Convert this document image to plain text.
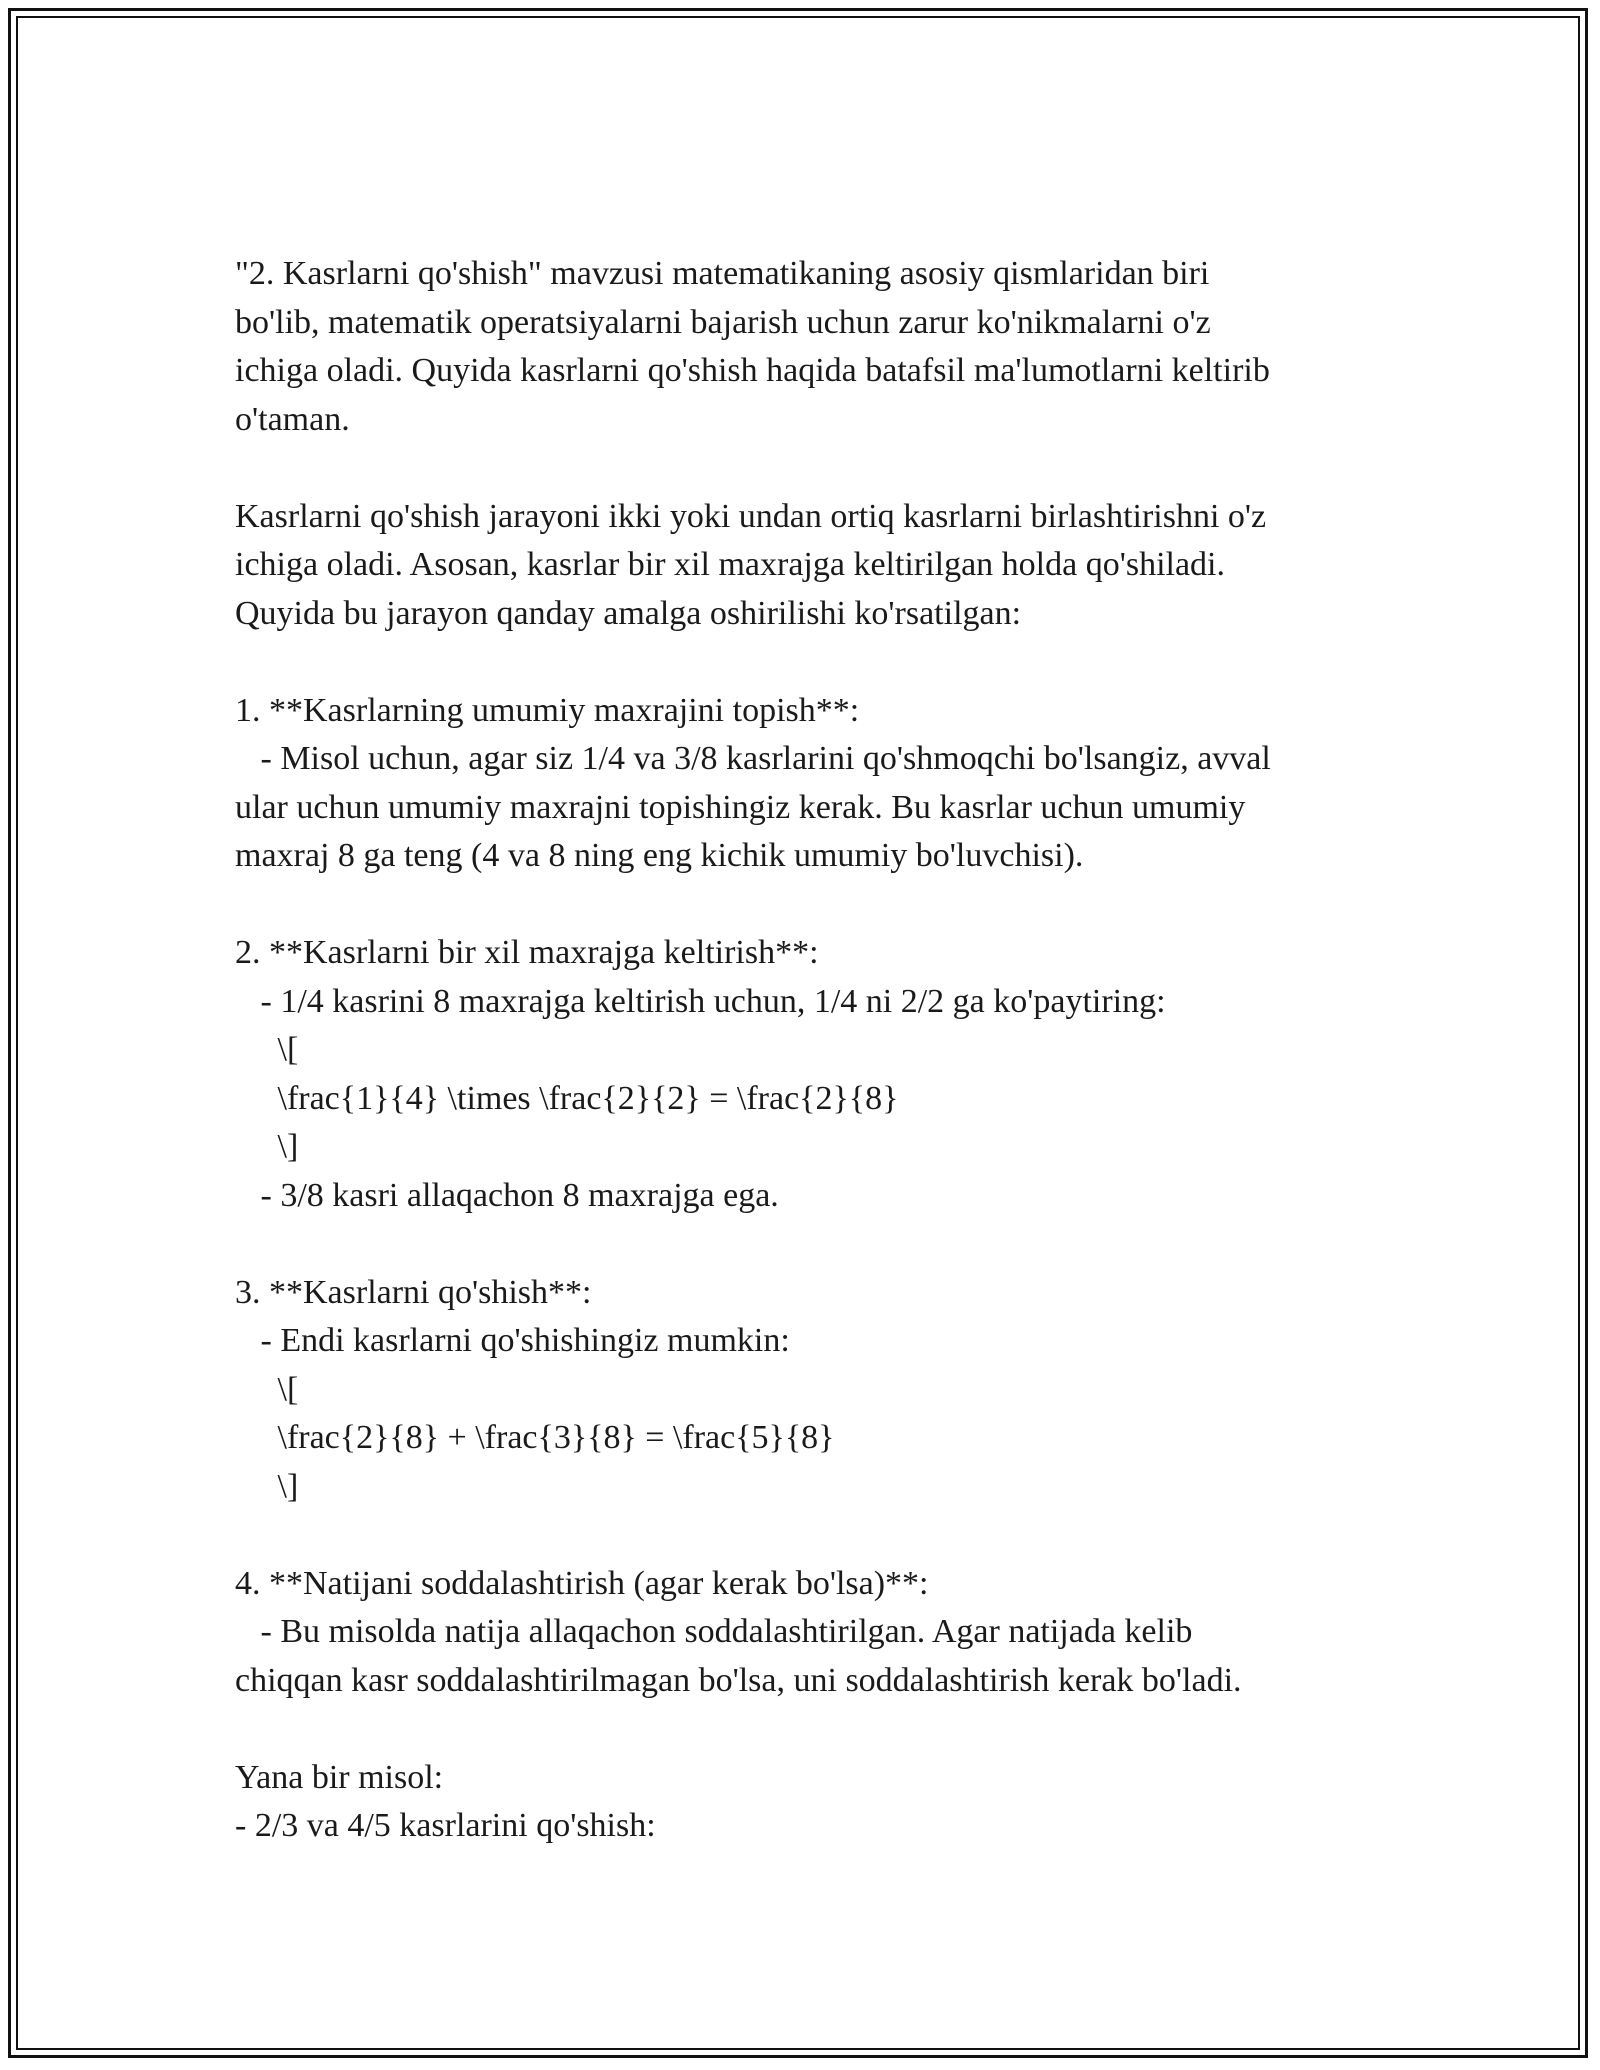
"2. Kasrlarni qo'shish" mavzusi matematikaning asosiy qismlaridan biri

bo'lib, matematik operatsiyalarni bajarish uchun zarur ko'nikmalarni o'z

ichiga oladi. Quyida kasrlarni qo'shish haqida batafsil ma'lumotlarni keltirib

o'taman.

Kasrlarni qo'shish jarayoni ikki yoki undan ortiq kasrlarni birlashtirishni o'z

ichiga oladi. Asosan, kasrlar bir xil maxrajga keltirilgan holda qo'shiladi.

Quyida bu jarayon qanday amalga oshirilishi ko'rsatilgan:

1. **Kasrlarning umumiy maxrajini topish**:

- Misol uchun, agar siz 1/4 va 3/8 kasrlarini qo'shmoqchi bo'lsangiz, avval

ular uchun umumiy maxrajni topishingiz kerak. Bu kasrlar uchun umumiy

maxraj 8 ga teng (4 va 8 ning eng kichik umumiy bo'luvchisi).

2. **Kasrlarni bir xil maxrajga keltirish**:

- 1/4 kasrini 8 maxrajga keltirish uchun, 1/4 ni 2/2 ga ko'paytiring:

\[

\frac{1}{4} \times \frac{2}{2} = \frac{2}{8}

\]

- 3/8 kasri allaqachon 8 maxrajga ega.

3. **Kasrlarni qo'shish**:

- Endi kasrlarni qo'shishingiz mumkin:

\[

\frac{2}{8} + \frac{3}{8} = \frac{5}{8}

\]

4. **Natijani soddalashtirish (agar kerak bo'lsa)**:

- Bu misolda natija allaqachon soddalashtirilgan. Agar natijada kelib

chiqqan kasr soddalashtirilmagan bo'lsa, uni soddalashtirish kerak bo'ladi.

Yana bir misol:

- 2/3 va 4/5 kasrlarini qo'shish:
